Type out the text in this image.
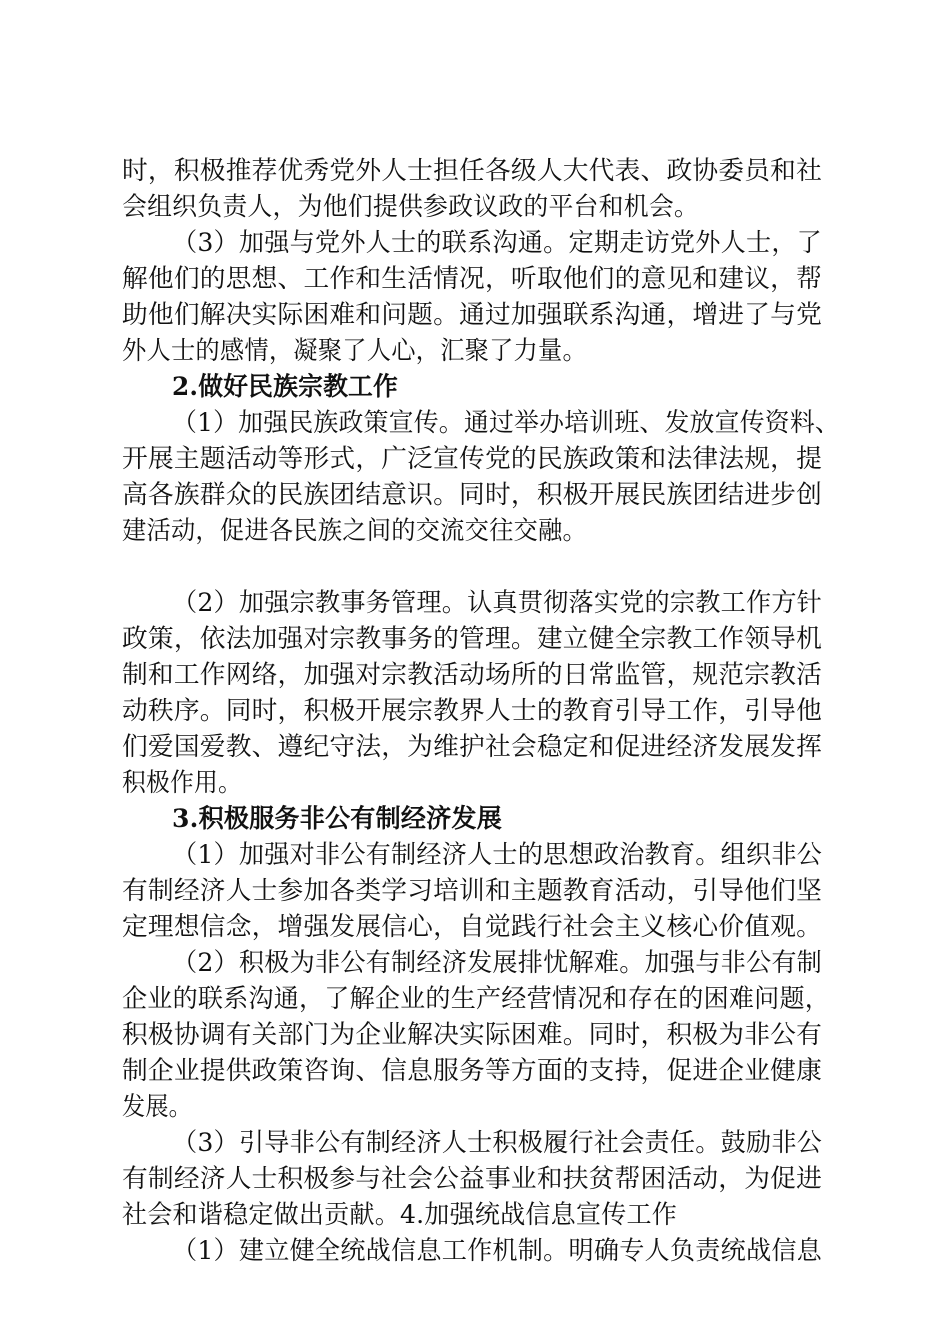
时，积极推荐优秀党外人士担任各级人大代表、政协委员和社
会组织负责人，为他们提供参政议政的平台和机会。
（3）加强与党外人士的联系沟通。定期走访党外人士，了
解他们的思想、工作和生活情况，听取他们的意见和建议，帮
助他们解决实际困难和问题。通过加强联系沟通，增进了与党
外人士的感情，凝聚了人心，汇聚了力量。
2.做好民族宗教工作
（1）加强民族政策宣传。通过举办培训班、发放宣传资料、
开展主题活动等形式，广泛宣传党的民族政策和法律法规，提
高各族群众的民族团结意识。同时，积极开展民族团结进步创
建活动，促进各民族之间的交流交往交融。
（2）加强宗教事务管理。认真贯彻落实党的宗教工作方针
政策，依法加强对宗教事务的管理。建立健全宗教工作领导机
制和工作网络，加强对宗教活动场所的日常监管，规范宗教活
动秩序。同时，积极开展宗教界人士的教育引导工作，引导他
们爱国爱教、遵纪守法，为维护社会稳定和促进经济发展发挥
积极作用。
3.积极服务非公有制经济发展
（1）加强对非公有制经济人士的思想政治教育。组织非公
有制经济人士参加各类学习培训和主题教育活动，引导他们坚
定理想信念，增强发展信心，自觉践行社会主义核心价值观。
（2）积极为非公有制经济发展排忧解难。加强与非公有制
企业的联系沟通，了解企业的生产经营情况和存在的困难问题，
积极协调有关部门为企业解决实际困难。同时，积极为非公有
制企业提供政策咨询、信息服务等方面的支持，促进企业健康
发展。
（3）引导非公有制经济人士积极履行社会责任。鼓励非公
有制经济人士积极参与社会公益事业和扶贫帮困活动，为促进
社会和谐稳定做出贡献。4.加强统战信息宣传工作
（1）建立健全统战信息工作机制。明确专人负责统战信息
